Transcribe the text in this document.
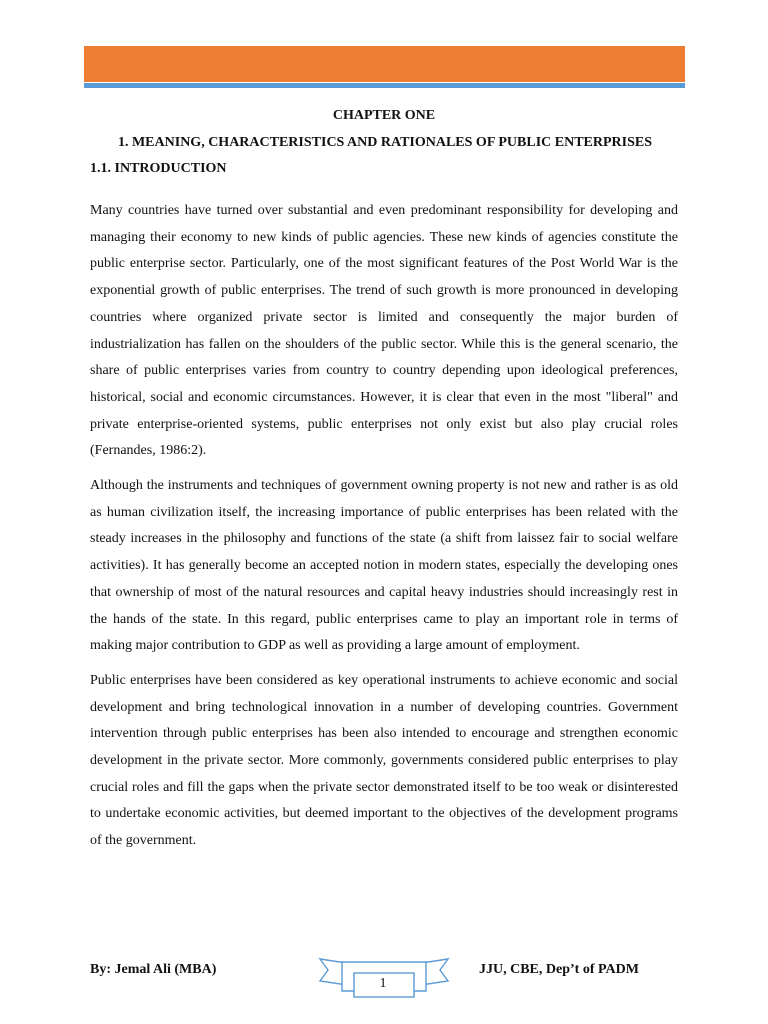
CHAPTER ONE
1. MEANING, CHARACTERISTICS AND RATIONALES OF PUBLIC ENTERPRISES
1.1. INTRODUCTION

Many countries have turned over substantial and even predominant responsibility for developing and managing their economy to new kinds of public agencies. These new kinds of agencies constitute the public enterprise sector. Particularly, one of the most significant features of the Post World War is the exponential growth of public enterprises. The trend of such growth is more pronounced in developing countries where organized private sector is limited and consequently the major burden of industrialization has fallen on the shoulders of the public sector. While this is the general scenario, the share of public enterprises varies from country to country depending upon ideological preferences, historical, social and economic circumstances. However, it is clear that even in the most "liberal" and private enterprise-oriented systems, public enterprises not only exist but also play crucial roles (Fernandes, 1986:2).

Although the instruments and techniques of government owning property is not new and rather is as old as human civilization itself, the increasing importance of public enterprises has been related with the steady increases in the philosophy and functions of the state (a shift from laissez fair to social welfare activities). It has generally become an accepted notion in modern states, especially the developing ones that ownership of most of the natural resources and capital heavy industries should increasingly rest in the hands of the state. In this regard, public enterprises came to play an important role in terms of making major contribution to GDP as well as providing a large amount of employment.

Public enterprises have been considered as key operational instruments to achieve economic and social development and bring technological innovation in a number of developing countries. Government intervention through public enterprises has been also intended to encourage and strengthen economic development in the private sector. More commonly, governments considered public enterprises to play crucial roles and fill the gaps when the private sector demonstrated itself to be too weak or disinterested to undertake economic activities, but deemed important to the objectives of the development programs of the government.

By: Jemal Ali (MBA)
1
JJU, CBE, Dep’t of PADM
